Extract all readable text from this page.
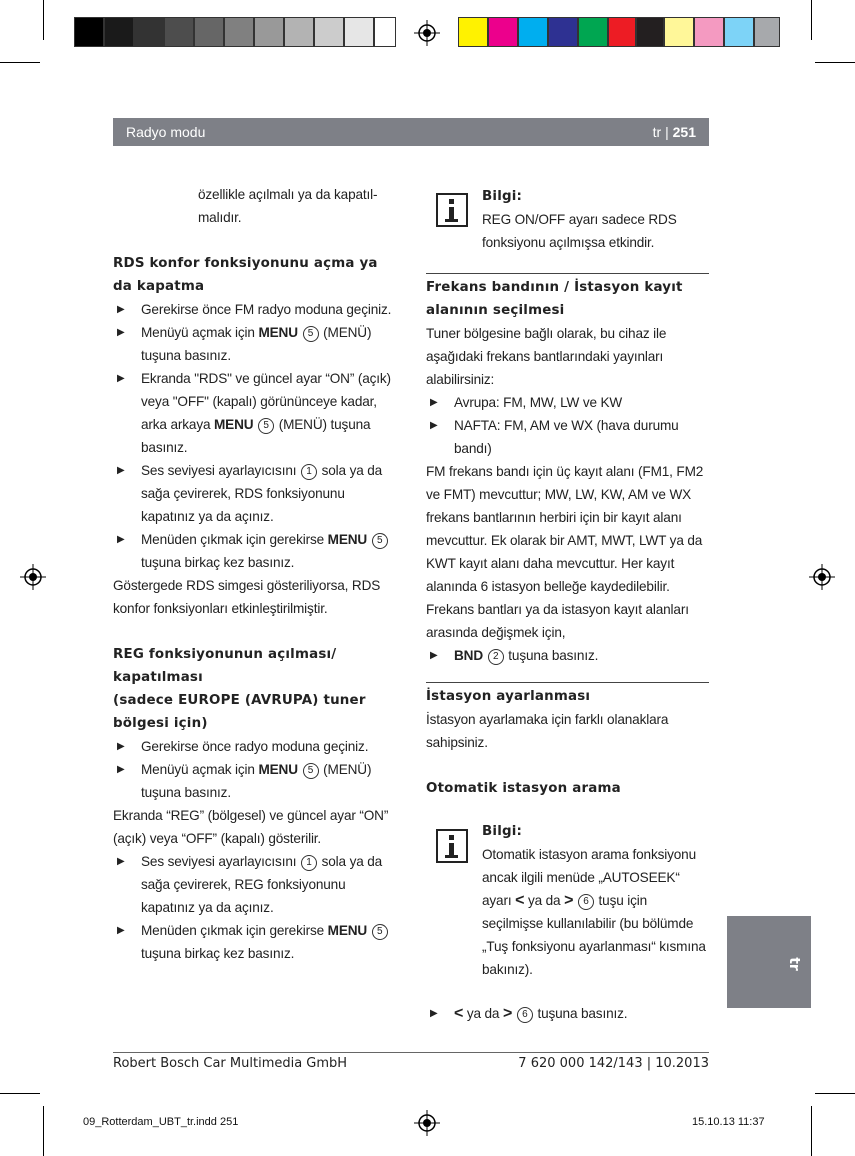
Radyo modu	tr | 251

özellikle açılmalı ya da kapatıl-malıdır.

RDS konfor fonksiyonunu açma ya da kapatma

▶ Gerekirse önce FM radyo moduna geçiniz.

▶ Menüyü açmak için MENU 5 (MENÜ) tuşuna basınız.

▶ Ekranda "RDS" ve güncel ayar “ON” (açık) veya "OFF" (kapalı) görününceye kadar, arka arkaya MENU 5 (MENÜ) tuşuna basınız.

▶ Ses seviyesi ayarlayıcısını 1 sola ya da sağa çevirerek, RDS fonksiyonunu kapatınız ya da açınız.

▶ Menüden çıkmak için gerekirse MENU 5 tuşuna birkaç kez basınız.

Göstergede RDS simgesi gösteriliyorsa, RDS konfor fonksiyonları etkinleştirilmiştir.

REG fonksiyonunun açılması/ kapatılması

(sadece EUROPE (AVRUPA) tuner bölgesi için)

▶ Gerekirse önce radyo moduna geçiniz.

▶ Menüyü açmak için MENU 5 (MENÜ) tuşuna basınız.

Ekranda “REG” (bölgesel) ve güncel ayar “ON” (açık) veya “OFF” (kapalı) gösterilir.

▶ Ses seviyesi ayarlayıcısını 1 sola ya da sağa çevirerek, REG fonksiyonunu kapatınız ya da açınız.

▶ Menüden çıkmak için gerekirse MENU 5 tuşuna birkaç kez basınız.

Bilgi:

REG ON/OFF ayarı sadece RDS fonksiyonu açılmışsa etkindir.

Frekans bandının / İstasyon kayıt alanının seçilmesi

Tuner bölgesine bağlı olarak, bu cihaz ile aşağıdaki frekans bantlarındaki yayınları alabilirsiniz:

▶ Avrupa: FM, MW, LW ve KW

▶ NAFTA: FM, AM ve WX (hava durumu bandı)

FM frekans bandı için üç kayıt alanı (FM1, FM2 ve FMT) mevcuttur; MW, LW, KW, AM ve WX frekans bantlarının herbiri için bir kayıt alanı mevcuttur. Ek olarak bir AMT, MWT, LWT ya da KWT kayıt alanı daha mevcuttur. Her kayıt alanında 6 istasyon belleğe kaydedilebilir. Frekans bantları ya da istasyon kayıt alanları arasında değişmek için,

▶ BND 2 tuşuna basınız.

İstasyon ayarlanması

İstasyon ayarlamaka için farklı olanaklara sahipsiniz.

Otomatik istasyon arama

Bilgi:

Otomatik istasyon arama fonksiyonu ancak ilgili menüde „AUTOSEEK“ ayarı < ya da > 6 tuşu için seçilmişse kullanılabilir (bu bölümde „Tuş fonksiyonu ayarlanması“ kısmına bakınız).

▶ < ya da > 6 tuşuna basınız.

tr
Robert Bosch Car Multimedia GmbH	7 620 000 142/143 | 10.2013
09_Rotterdam_UBT_tr.indd 251	15.10.13 11:37
